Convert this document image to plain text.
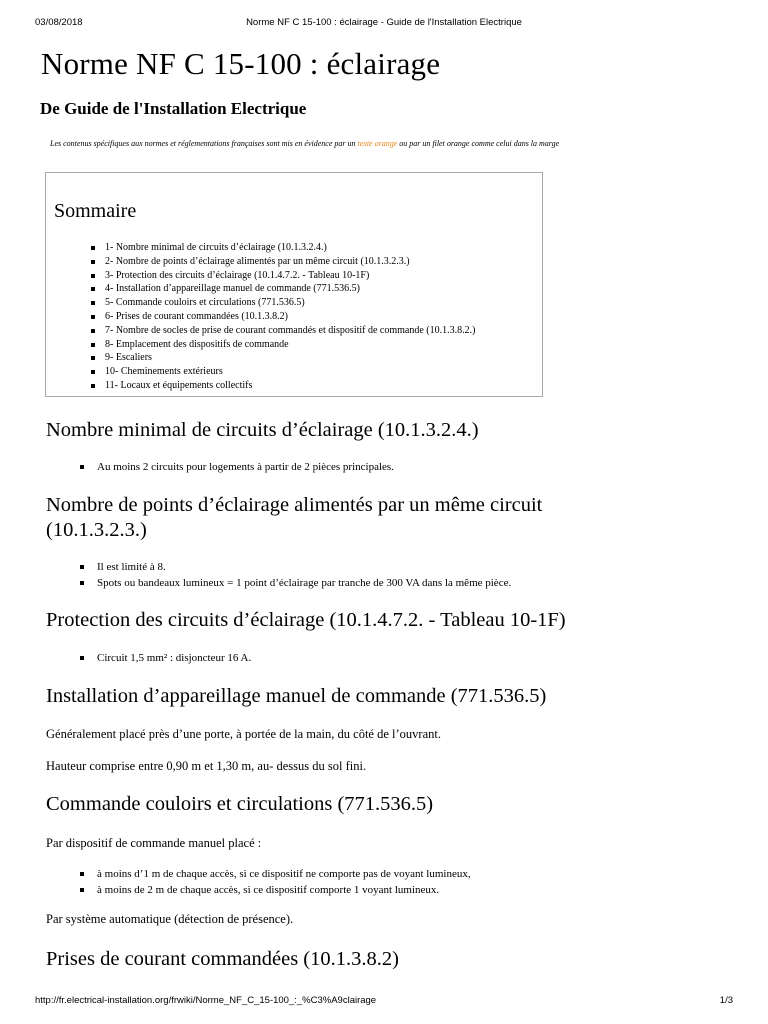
03/08/2018	Norme NF C 15-100 : éclairage - Guide de l'Installation Electrique
Norme NF C 15-100 : éclairage
De Guide de l'Installation Electrique

Les contenus spécifiques aux normes et réglementations françaises sont mis en évidence par un texte orange ou par un filet orange comme celui dans la marge

Sommaire
1- Nombre minimal de circuits d’éclairage (10.1.3.2.4.)
2- Nombre de points d’éclairage alimentés par un même circuit (10.1.3.2.3.)
3- Protection des circuits d’éclairage (10.1.4.7.2. - Tableau 10-1F)
4- Installation d’appareillage manuel de commande (771.536.5)
5- Commande couloirs et circulations (771.536.5)
6- Prises de courant commandées (10.1.3.8.2)
7- Nombre de socles de prise de courant commandés et dispositif de commande (10.1.3.8.2.)
8- Emplacement des dispositifs de commande
9- Escaliers
10- Cheminements extérieurs
11- Locaux et équipements collectifs
Nombre minimal de circuits d’éclairage (10.1.3.2.4.)
Au moins 2 circuits pour logements à partir de 2 pièces principales.
Nombre de points d’éclairage alimentés par un même circuit
(10.1.3.2.3.)
Il est limité à 8.
Spots ou bandeaux lumineux = 1 point d’éclairage par tranche de 300 VA dans la même pièce.
Protection des circuits d’éclairage (10.1.4.7.2. - Tableau 10-1F)
Circuit 1,5 mm² : disjoncteur 16 A.
Installation d’appareillage manuel de commande (771.536.5)

Généralement placé près d’une porte, à portée de la main, du côté de l’ouvrant.

Hauteur comprise entre 0,90 m et 1,30 m, au- dessus du sol fini.

Commande couloirs et circulations (771.536.5)

Par dispositif de commande manuel placé :

à moins d’1 m de chaque accès, si ce dispositif ne comporte pas de voyant lumineux,
à moins de 2 m de chaque accès, si ce dispositif comporte 1 voyant lumineux.

Par système automatique (détection de présence).

Prises de courant commandées (10.1.3.8.2)
http://fr.electrical-installation.org/frwiki/Norme_NF_C_15-100_:_%C3%A9clairage	1/3
